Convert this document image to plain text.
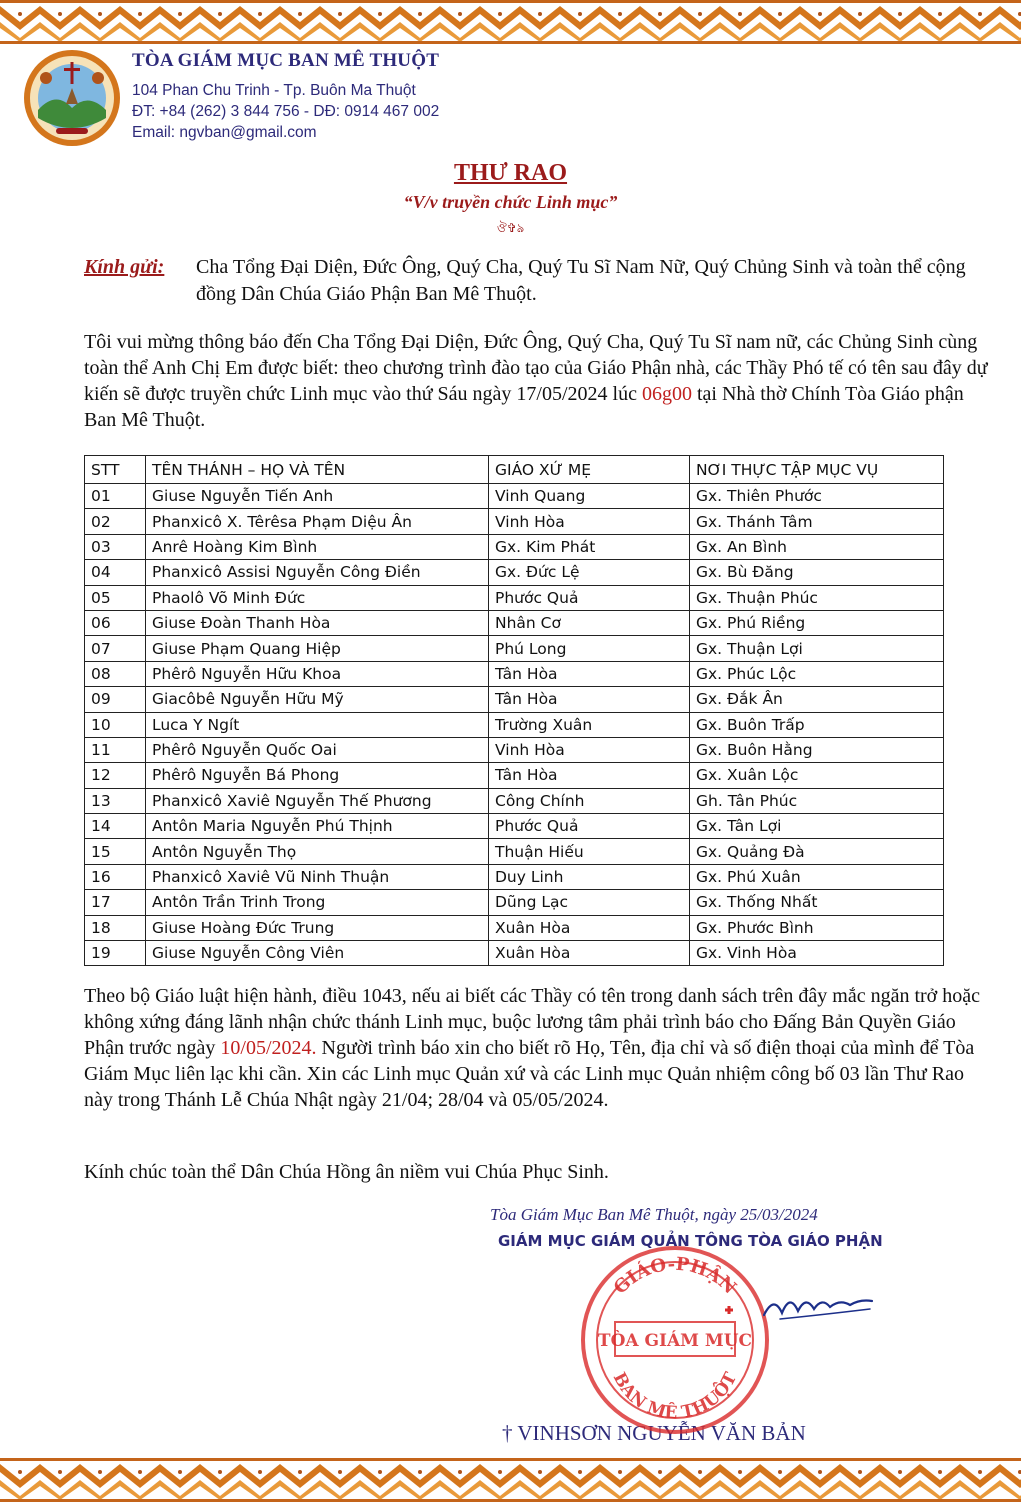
TÒA GIÁM MỤC BAN MÊ THUỘT
104 Phan Chu Trinh - Tp. Buôn Ma Thuột
ĐT: +84 (262) 3 844 756 - DĐ: 0914 467 002
Email: ngvban@gmail.com
THƯ RAO
“V/v truyền chức Linh mục”
ঔ✞ঌ
Kính gửi: Cha Tổng Đại Diện, Đức Ông, Quý Cha, Quý Tu Sĩ Nam Nữ, Quý Chủng Sinh và toàn thể cộng đồng Dân Chúa Giáo Phận Ban Mê Thuột.
Tôi vui mừng thông báo đến Cha Tổng Đại Diện, Đức Ông, Quý Cha, Quý Tu Sĩ nam nữ, các Chủng Sinh cùng toàn thể Anh Chị Em được biết: theo chương trình đào tạo của Giáo Phận nhà, các Thầy Phó tế có tên sau đây dự kiến sẽ được truyền chức Linh mục vào thứ Sáu ngày 17/05/2024 lúc 06g00 tại Nhà thờ Chính Tòa Giáo phận Ban Mê Thuột.
STT	TÊN THÁNH – HỌ VÀ TÊN	GIÁO XỨ MẸ	NƠI THỰC TẬP MỤC VỤ
01	Giuse Nguyễn Tiến Anh	Vinh Quang	Gx. Thiên Phước
02	Phanxicô X. Têrêsa Phạm Diệu Ân	Vinh Hòa	Gx. Thánh Tâm
03	Anrê Hoàng Kim Bình	Gx. Kim Phát	Gx. An Bình
04	Phanxicô Assisi Nguyễn Công Điền	Gx. Đức Lệ	Gx. Bù Đăng
05	Phaolô Võ Minh Đức	Phước Quả	Gx. Thuận Phúc
06	Giuse Đoàn Thanh Hòa	Nhân Cơ	Gx. Phú Riềng
07	Giuse Phạm Quang Hiệp	Phú Long	Gx. Thuận Lợi
08	Phêrô Nguyễn Hữu Khoa	Tân Hòa	Gx. Phúc Lộc
09	Giacôbê Nguyễn Hữu Mỹ	Tân Hòa	Gx. Đắk Ân
10	Luca Y Ngít	Trường Xuân	Gx. Buôn Trấp
11	Phêrô Nguyễn Quốc Oai	Vinh Hòa	Gx. Buôn Hằng
12	Phêrô Nguyễn Bá Phong	Tân Hòa	Gx. Xuân Lộc
13	Phanxicô Xaviê Nguyễn Thế Phương	Công Chính	Gh. Tân Phúc
14	Antôn Maria Nguyễn Phú Thịnh	Phước Quả	Gx. Tân Lợi
15	Antôn Nguyễn Thọ	Thuận Hiếu	Gx. Quảng Đà
16	Phanxicô Xaviê Vũ Ninh Thuận	Duy Linh	Gx. Phú Xuân
17	Antôn Trần Trinh Trong	Dũng Lạc	Gx. Thống Nhất
18	Giuse Hoàng Đức Trung	Xuân Hòa	Gx. Phước Bình
19	Giuse Nguyễn Công Viên	Xuân Hòa	Gx. Vinh Hòa
Theo bộ Giáo luật hiện hành, điều 1043, nếu ai biết các Thầy có tên trong danh sách trên đây mắc ngăn trở hoặc không xứng đáng lãnh nhận chức thánh Linh mục, buộc lương tâm phải trình báo cho Đấng Bản Quyền Giáo Phận trước ngày 10/05/2024. Người trình báo xin cho biết rõ Họ, Tên, địa chỉ và số điện thoại của mình để Tòa Giám Mục liên lạc khi cần. Xin các Linh mục Quản xứ và các Linh mục Quản nhiệm công bố 03 lần Thư Rao này trong Thánh Lễ Chúa Nhật ngày 21/04; 28/04 và 05/05/2024.
Kính chúc toàn thể Dân Chúa Hồng ân niềm vui Chúa Phục Sinh.
Tòa Giám Mục Ban Mê Thuột, ngày 25/03/2024
GIÁM MỤC GIÁM QUẢN TÔNG TÒA GIÁO PHẬN
† VINHSƠN NGUYỄN VĂN BẢN
GIÁO-PHẬN
BAN MÊ THUỘT
TÒA GIÁM MỤC
